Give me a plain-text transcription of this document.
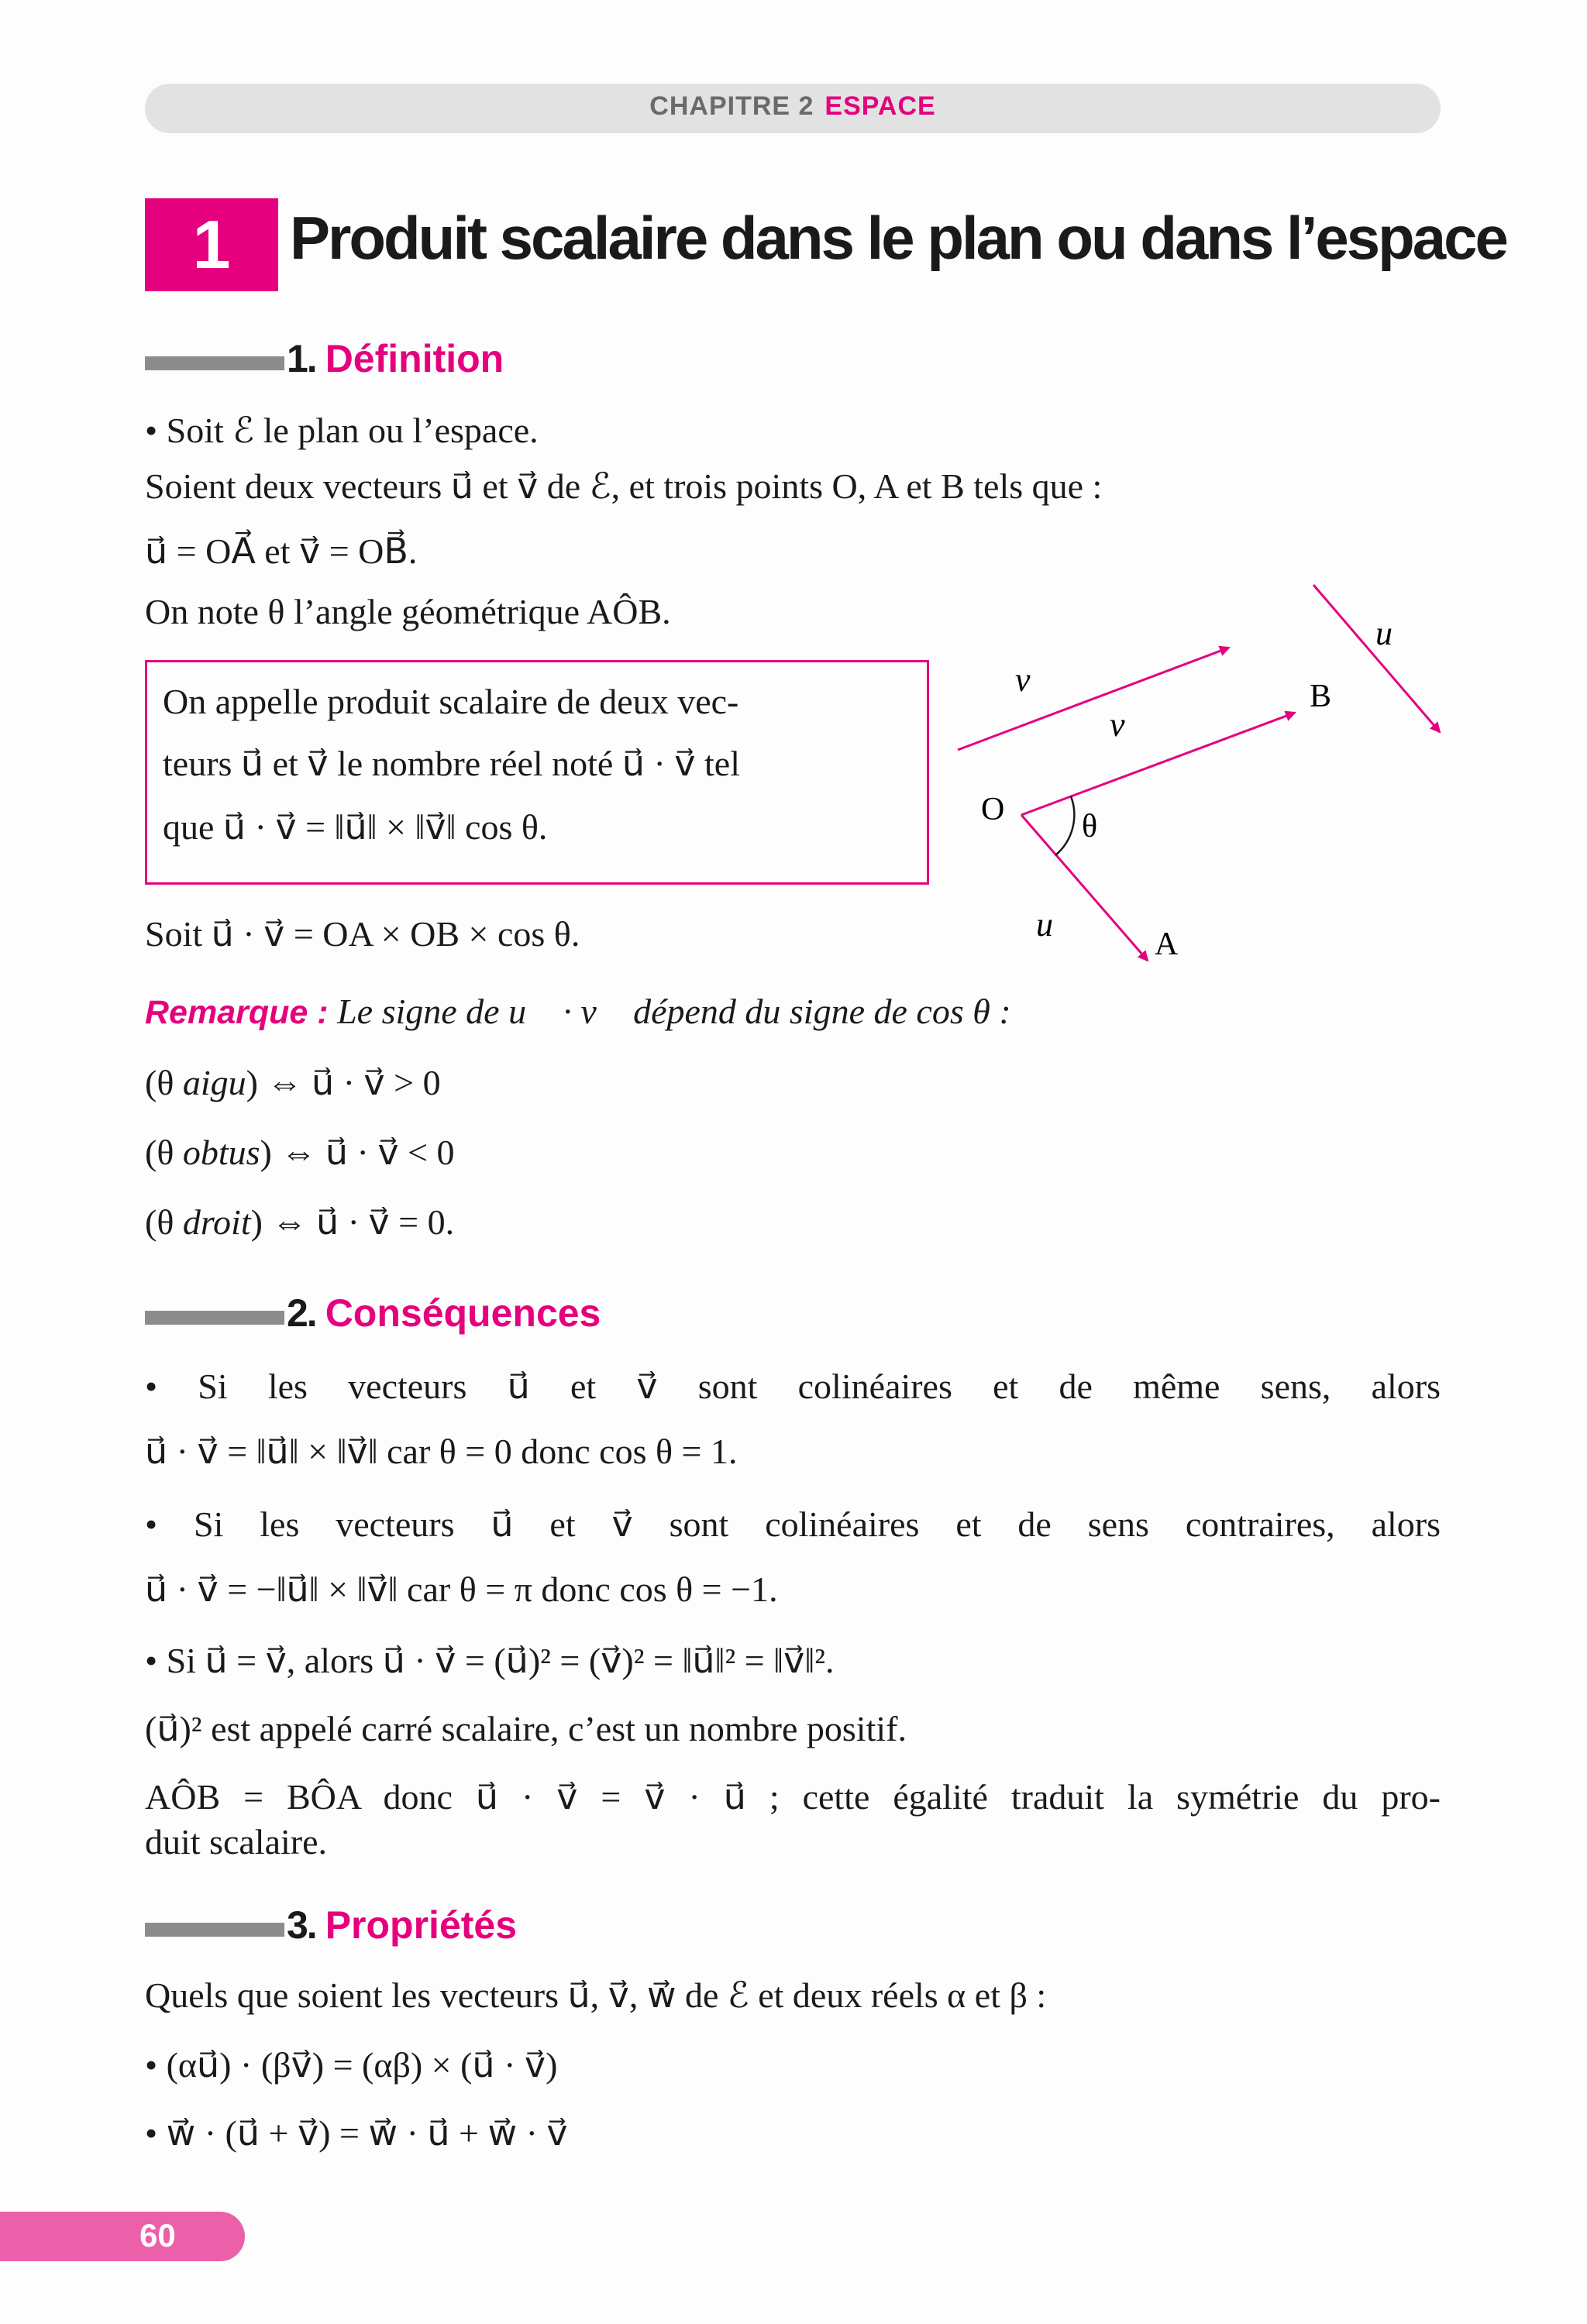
CHAPITRE 2 ESPACE
1 Produit scalaire dans le plan ou dans l’espace
1. Définition
• Soit ℰ le plan ou l’espace.
Soient deux vecteurs u⃗ et v⃗ de ℰ, et trois points O, A et B tels que :
u⃗ = OA⃗ et v⃗ = OB⃗.
On note θ l’angle géométrique AÔB.
On appelle produit scalaire de deux vec-
teurs u⃗ et v⃗ le nombre réel noté u⃗ · v⃗ tel
que u⃗ · v⃗ = ‖u⃗‖ × ‖v⃗‖ cos θ.
u⃗
v⃗
v⃗
u⃗
B
O
A
θ
Soit u⃗ · v⃗ = OA × OB × cos θ.
Remarque : Le signe de u⃗ · v⃗ dépend du signe de cos θ :
(θ aigu) ⇔ u⃗ · v⃗ > 0
(θ obtus) ⇔ u⃗ · v⃗ < 0
(θ droit) ⇔ u⃗ · v⃗ = 0.
2. Conséquences
• Si les vecteurs u⃗ et v⃗ sont colinéaires et de même sens, alors
u⃗ · v⃗ = ‖u⃗‖ × ‖v⃗‖ car θ = 0 donc cos θ = 1.
• Si les vecteurs u⃗ et v⃗ sont colinéaires et de sens contraires, alors
u⃗ · v⃗ = −‖u⃗‖ × ‖v⃗‖ car θ = π donc cos θ = −1.
• Si u⃗ = v⃗, alors u⃗ · v⃗ = (u⃗)² = (v⃗)² = ‖u⃗‖² = ‖v⃗‖².
(u⃗)² est appelé carré scalaire, c’est un nombre positif.
AÔB = BÔA donc u⃗ · v⃗ = v⃗ · u⃗ ; cette égalité traduit la symétrie du pro-
duit scalaire.
3. Propriétés
Quels que soient les vecteurs u⃗, v⃗, w⃗ de ℰ et deux réels α et β :
• (αu⃗) · (βv⃗) = (αβ) × (u⃗ · v⃗)
• w⃗ · (u⃗ + v⃗) = w⃗ · u⃗ + w⃗ · v⃗
60
